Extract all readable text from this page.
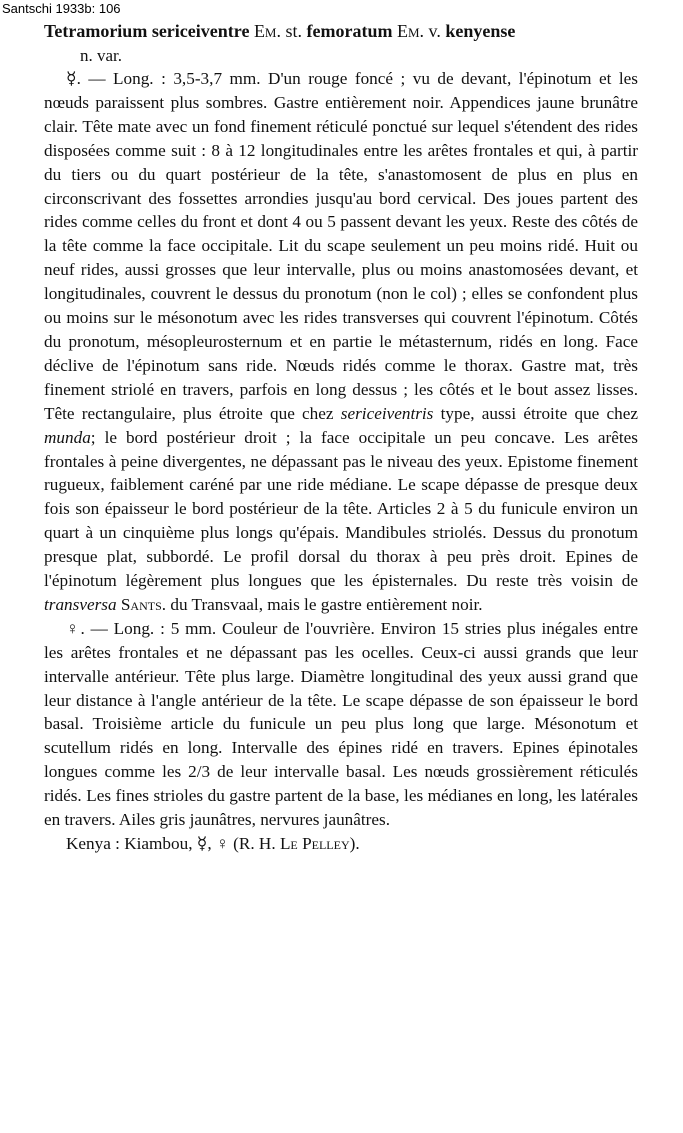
Santschi 1933b: 106
Tetramorium sericeiventre Em. st. femoratum Em. v. kenyense
n. var.

☿. — Long. : 3,5-3,7 mm. D'un rouge foncé ; vu de devant, l'épinotum et les nœuds paraissent plus sombres. Gastre entièrement noir. Appendices jaune brunâtre clair. Tête mate avec un fond finement réticulé ponctué sur lequel s'étendent des rides disposées comme suit : 8 à 12 longitudinales entre les arêtes frontales et qui, à partir du tiers ou du quart postérieur de la tête, s'anastomosent de plus en plus en circonscrivant des fossettes arrondies jusqu'au bord cervical. Des joues partent des rides comme celles du front et dont 4 ou 5 passent devant les yeux. Reste des côtés de la tête comme la face occipitale. Lit du scape seulement un peu moins ridé. Huit ou neuf rides, aussi grosses que leur intervalle, plus ou moins anastomosées devant, et longitudinales, couvrent le dessus du pronotum (non le col) ; elles se confondent plus ou moins sur le mésonotum avec les rides transverses qui couvrent l'épinotum. Côtés du pronotum, mésopleurosternum et en partie le métasternum, ridés en long. Face déclive de l'épinotum sans ride. Nœuds ridés comme le thorax. Gastre mat, très finement striolé en travers, parfois en long dessus ; les côtés et le bout assez lisses. Tête rectangulaire, plus étroite que chez sericeiventris type, aussi étroite que chez munda; le bord postérieur droit ; la face occipitale un peu concave. Les arêtes frontales à peine divergentes, ne dépassant pas le niveau des yeux. Epistome finement rugueux, faiblement caréné par une ride médiane. Le scape dépasse de presque deux fois son épaisseur le bord postérieur de la tête. Articles 2 à 5 du funicule environ un quart à un cinquième plus longs qu'épais. Mandibules striolés. Dessus du pronotum presque plat, subbordé. Le profil dorsal du thorax à peu près droit. Epines de l'épinotum légèrement plus longues que les épisternales. Du reste très voisin de transversa Sants. du Transvaal, mais le gastre entièrement noir.

♀. — Long. : 5 mm. Couleur de l'ouvrière. Environ 15 stries plus inégales entre les arêtes frontales et ne dépassant pas les ocelles. Ceux-ci aussi grands que leur intervalle antérieur. Tête plus large. Diamètre longitudinal des yeux aussi grand que leur distance à l'angle antérieur de la tête. Le scape dépasse de son épaisseur le bord basal. Troisième article du funicule un peu plus long que large. Mésonotum et scutellum ridés en long. Intervalle des épines ridé en travers. Epines épinotales longues comme les 2/3 de leur intervalle basal. Les nœuds grossièrement réticulés ridés. Les fines strioles du gastre partent de la base, les médianes en long, les latérales en travers. Ailes gris jaunâtres, nervures jaunâtres.

Kenya : Kiambou, ☿, ♀ (R. H. Le Pelley).
